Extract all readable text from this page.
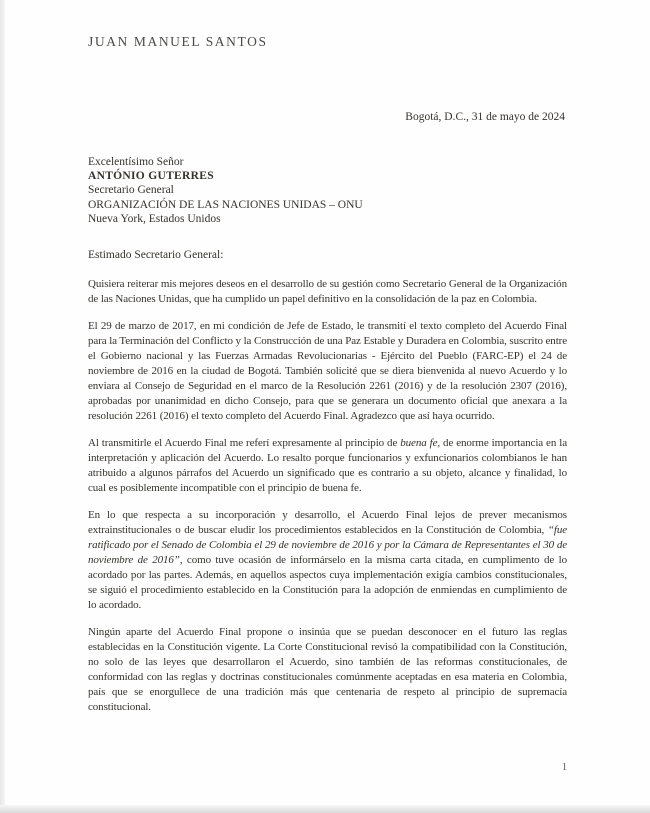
JUAN MANUEL SANTOS
Bogotá, D.C., 31 de mayo de 2024
Excelentísimo Señor
ANTÓNIO GUTERRES
Secretario General
ORGANIZACIÓN DE LAS NACIONES UNIDAS – ONU
Nueva York, Estados Unidos
Estimado Secretario General:

Quisiera reiterar mis mejores deseos en el desarrollo de su gestión como Secretario General de la Organización de las Naciones Unidas, que ha cumplido un papel definitivo en la consolidación de la paz en Colombia.

El 29 de marzo de 2017, en mi condición de Jefe de Estado, le transmití el texto completo del Acuerdo Final para la Terminación del Conflicto y la Construcción de una Paz Estable y Duradera en Colombia, suscrito entre el Gobierno nacional y las Fuerzas Armadas Revolucionarias - Ejército del Pueblo (FARC-EP) el 24 de noviembre de 2016 en la ciudad de Bogotá. También solicité que se diera bienvenida al nuevo Acuerdo y lo enviara al Consejo de Seguridad en el marco de la Resolución 2261 (2016) y de la resolución 2307 (2016), aprobadas por unanimidad en dicho Consejo, para que se generara un documento oficial que anexara a la resolución 2261 (2016) el texto completo del Acuerdo Final. Agradezco que así haya ocurrido.

Al transmitirle el Acuerdo Final me referí expresamente al principio de buena fe, de enorme importancia en la interpretación y aplicación del Acuerdo. Lo resalto porque funcionarios y exfuncionarios colombianos le han atribuido a algunos párrafos del Acuerdo un significado que es contrario a su objeto, alcance y finalidad, lo cual es posiblemente incompatible con el principio de buena fe.

En lo que respecta a su incorporación y desarrollo, el Acuerdo Final lejos de prever mecanismos extrainstitucionales o de buscar eludir los procedimientos establecidos en la Constitución de Colombia, “fue ratificado por el Senado de Colombia el 29 de noviembre de 2016 y por la Cámara de Representantes el 30 de noviembre de 2016”, como tuve ocasión de informárselo en la misma carta citada, en cumplimento de lo acordado por las partes. Además, en aquellos aspectos cuya implementación exigía cambios constitucionales, se siguió el procedimiento establecido en la Constitución para la adopción de enmiendas en cumplimiento de lo acordado.

Ningún aparte del Acuerdo Final propone o insinúa que se puedan desconocer en el futuro las reglas establecidas en la Constitución vigente. La Corte Constitucional revisó la compatibilidad con la Constitución, no solo de las leyes que desarrollaron el Acuerdo, sino también de las reformas constitucionales, de conformidad con las reglas y doctrinas constitucionales comúnmente aceptadas en esa materia en Colombia, país que se enorgullece de una tradición más que centenaria de respeto al principio de supremacía constitucional.

1
